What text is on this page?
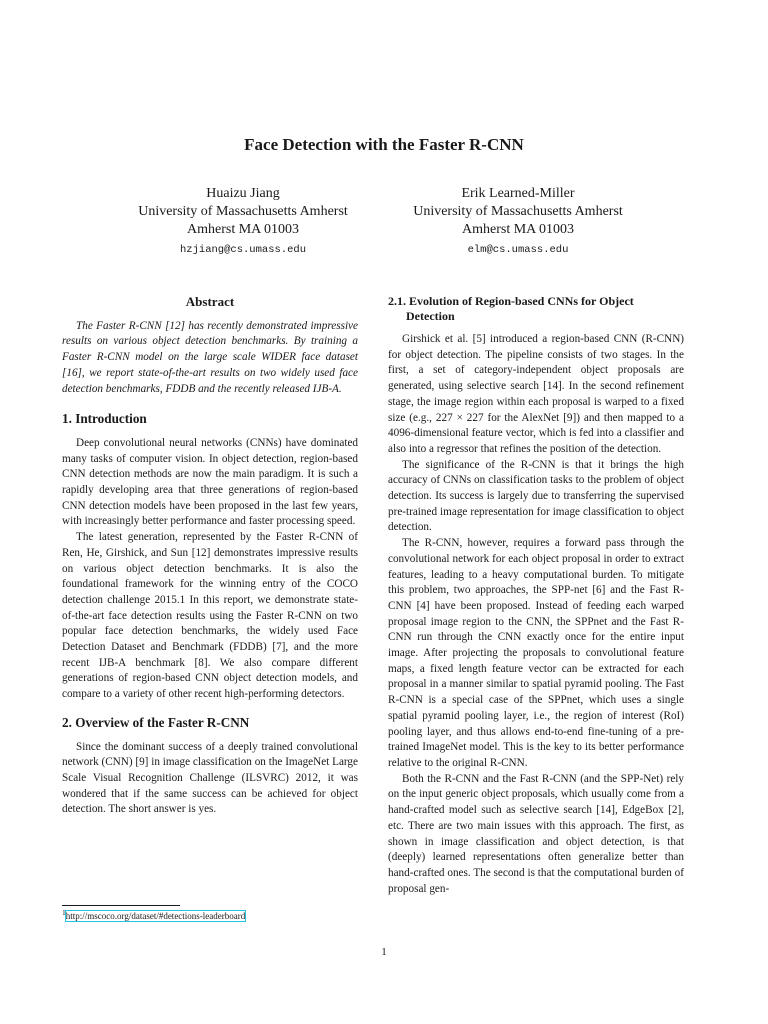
Face Detection with the Faster R-CNN
Huaizu Jiang
University of Massachusetts Amherst
Amherst MA 01003
hzjiang@cs.umass.edu
Erik Learned-Miller
University of Massachusetts Amherst
Amherst MA 01003
elm@cs.umass.edu
Abstract

The Faster R-CNN [12] has recently demonstrated impressive results on various object detection benchmarks. By training a Faster R-CNN model on the large scale WIDER face dataset [16], we report state-of-the-art results on two widely used face detection benchmarks, FDDB and the recently released IJB-A.

1. Introduction

Deep convolutional neural networks (CNNs) have dominated many tasks of computer vision. In object detection, region-based CNN detection methods are now the main paradigm. It is such a rapidly developing area that three generations of region-based CNN detection models have been proposed in the last few years, with increasingly better performance and faster processing speed.

The latest generation, represented by the Faster R-CNN of Ren, He, Girshick, and Sun [12] demonstrates impressive results on various object detection benchmarks. It is also the foundational framework for the winning entry of the COCO detection challenge 2015.1 In this report, we demonstrate state-of-the-art face detection results using the Faster R-CNN on two popular face detection benchmarks, the widely used Face Detection Dataset and Benchmark (FDDB) [7], and the more recent IJB-A benchmark [8]. We also compare different generations of region-based CNN object detection models, and compare to a variety of other recent high-performing detectors.

2. Overview of the Faster R-CNN

Since the dominant success of a deeply trained convolutional network (CNN) [9] in image classification on the ImageNet Large Scale Visual Recognition Challenge (ILSVRC) 2012, it was wondered that if the same success can be achieved for object detection. The short answer is yes.

2.1. Evolution of Region-based CNNs for Object Detection

Girshick et al. [5] introduced a region-based CNN (R-CNN) for object detection. The pipeline consists of two stages. In the first, a set of category-independent object proposals are generated, using selective search [14]. In the second refinement stage, the image region within each proposal is warped to a fixed size (e.g., 227 × 227 for the AlexNet [9]) and then mapped to a 4096-dimensional feature vector, which is fed into a classifier and also into a regressor that refines the position of the detection.

The significance of the R-CNN is that it brings the high accuracy of CNNs on classification tasks to the problem of object detection. Its success is largely due to transferring the supervised pre-trained image representation for image classification to object detection.

The R-CNN, however, requires a forward pass through the convolutional network for each object proposal in order to extract features, leading to a heavy computational burden. To mitigate this problem, two approaches, the SPP-net [6] and the Fast R-CNN [4] have been proposed. Instead of feeding each warped proposal image region to the CNN, the SPPnet and the Fast R-CNN run through the CNN exactly once for the entire input image. After projecting the proposals to convolutional feature maps, a fixed length feature vector can be extracted for each proposal in a manner similar to spatial pyramid pooling. The Fast R-CNN is a special case of the SPPnet, which uses a single spatial pyramid pooling layer, i.e., the region of interest (RoI) pooling layer, and thus allows end-to-end fine-tuning of a pre-trained ImageNet model. This is the key to its better performance relative to the original R-CNN.

Both the R-CNN and the Fast R-CNN (and the SPP-Net) rely on the input generic object proposals, which usually come from a hand-crafted model such as selective search [14], EdgeBox [2], etc. There are two main issues with this approach. The first, as shown in image classification and object detection, is that (deeply) learned representations often generalize better than hand-crafted ones. The second is that the computational burden of proposal gen-

$^1$http://mscoco.org/dataset/#detections-leaderboard
1
